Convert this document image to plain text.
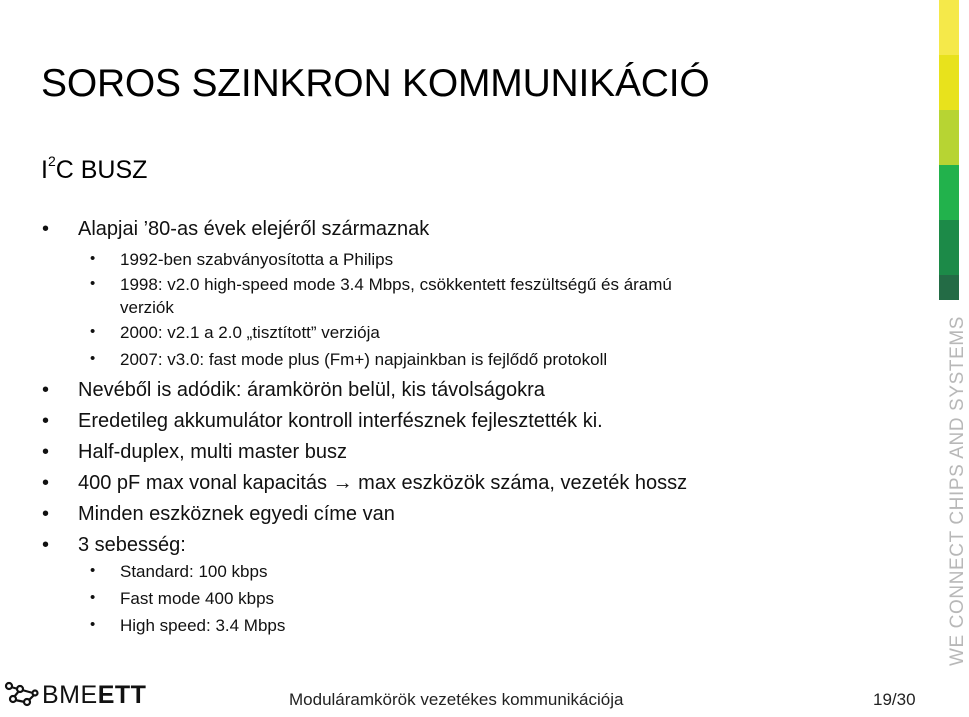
SOROS SZINKRON KOMMUNIKÁCIÓ
$I^2C$ BUSZ
• Alapjai ’80-as évek elejéről származnak
• 1992-ben szabványosította a Philips
• 1998: v2.0 high-speed mode 3.4 Mbps, csökkentett feszültségű és áramú
verziók
• 2000: v2.1 a 2.0 „tisztított” verziója
• 2007: v3.0: fast mode plus (Fm+) napjainkban is fejlődő protokoll
• Nevéből is adódik: áramkörön belül, kis távolságokra
• Eredetileg akkumulátor kontroll interfésznek fejlesztették ki.
• Half-duplex, multi master busz
• 400 pF max vonal kapacitás → max eszközök száma, vezeték hossz
• Minden eszköznek egyedi címe van
• 3 sebesség:
• Standard: 100 kbps
• Fast mode 400 kbps
• High speed: 3.4 Mbps	WE CONNECT CHIPS AND SYSTEMS
BMEETT	Moduláramkörök vezetékes kommunikációja	19/30
